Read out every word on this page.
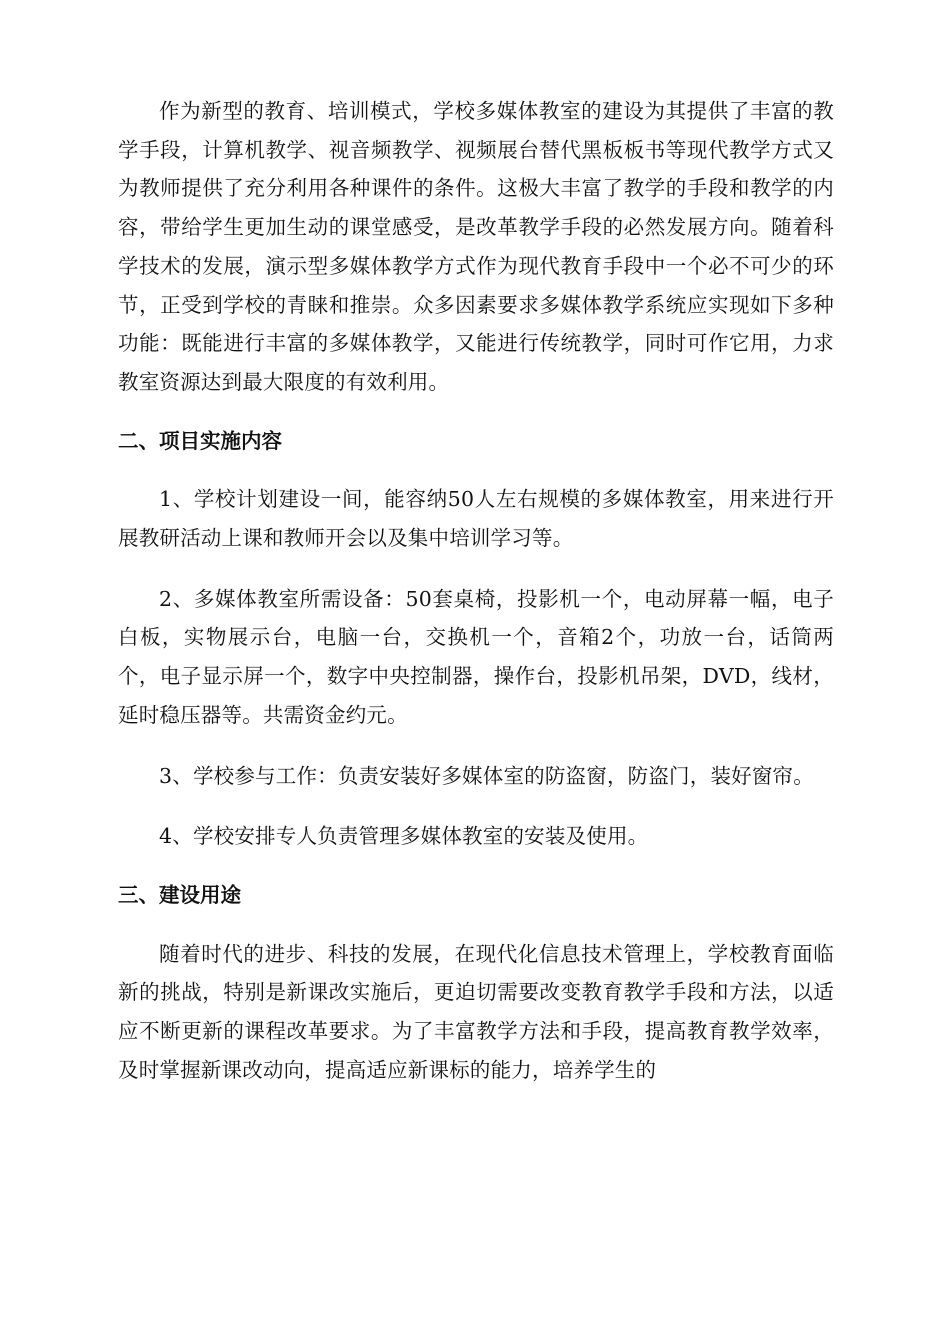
作为新型的教育、培训模式，学校多媒体教室的建设为其提供了丰富的教学手段，计算机教学、视音频教学、视频展台替代黑板板书等现代教学方式又为教师提供了充分利用各种课件的条件。这极大丰富了教学的手段和教学的内容，带给学生更加生动的课堂感受，是改革教学手段的必然发展方向。随着科学技术的发展，演示型多媒体教学方式作为现代教育手段中一个必不可少的环节，正受到学校的青睐和推崇。众多因素要求多媒体教学系统应实现如下多种功能：既能进行丰富的多媒体教学，又能进行传统教学，同时可作它用，力求教室资源达到最大限度的有效利用。

二、项目实施内容

1、学校计划建设一间，能容纳50人左右规模的多媒体教室，用来进行开展教研活动上课和教师开会以及集中培训学习等。

2、多媒体教室所需设备：50套桌椅，投影机一个，电动屏幕一幅，电子白板，实物展示台，电脑一台，交换机一个，音箱2个，功放一台，话筒两个，电子显示屏一个，数字中央控制器，操作台，投影机吊架，DVD，线材，延时稳压器等。共需资金约元。

3、学校参与工作：负责安装好多媒体室的防盗窗，防盗门，装好窗帘。

4、学校安排专人负责管理多媒体教室的安装及使用。

三、建设用途

随着时代的进步、科技的发展，在现代化信息技术管理上，学校教育面临新的挑战，特别是新课改实施后，更迫切需要改变教育教学手段和方法，以适应不断更新的课程改革要求。为了丰富教学方法和手段，提高教育教学效率，及时掌握新课改动向，提高适应新课标的能力，培养学生的
